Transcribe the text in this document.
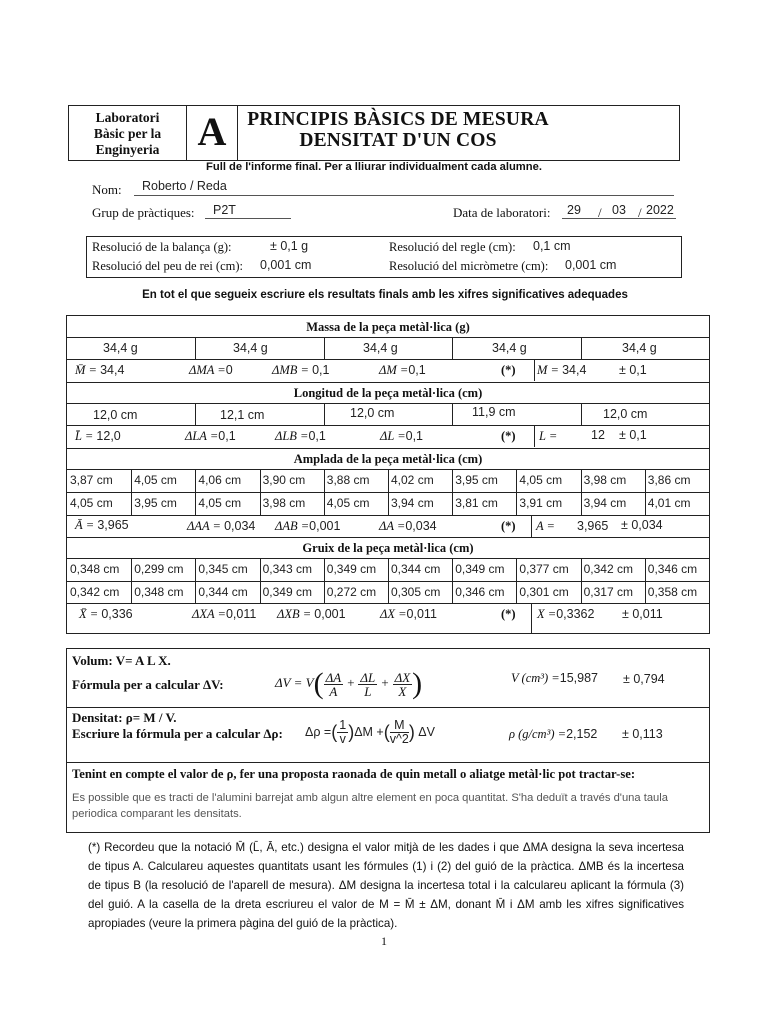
Laboratori
Bàsic per la
Enginyeria A	PRINCIPIS BÀSICS DE MESURA
DENSITAT D'UN COS
Full de l'informe final. Per a lliurar individualment cada alumne.
Nom: Roberto / Reda
Grup de pràctiques: P2T	Data de laboratori: 29 / 03 / 2022
Resolució de la balança (g):	± 0,1 g	Resolució del regle (cm): 0,1 cm
Resolució del peu de rei (cm): 0,001 cm	Resolució del micròmetre (cm): 0,001 cm
En tot el que segueix escriure els resultats finals amb les xifres significatives adequades
Massa de la peça metàl·lica (g)
34,4 g	34,4 g	34,4 g	34,4 g	34,4 g
M̄ = 34,4	ΔMA =0	ΔMB = 0,1	ΔM =0,1	(*) M = 34,4	± 0,1
Longitud de la peça metàl·lica (cm)
12,0 cm	12,1 cm	12,0 cm	11,9 cm	12,0 cm
L̄ = 12,0	ΔLA =0,1	ΔLB =0,1	ΔL =0,1	(*) L =	12 ± 0,1
Amplada de la peça metàl·lica (cm)
3,87 cm 4,05 cm 4,06 cm 3,90 cm 3,88 cm 4,02 cm 3,95 cm 4,05 cm 3,98 cm 3,86 cm
4,05 cm 3,95 cm 4,05 cm 3,98 cm 4,05 cm 3,94 cm 3,81 cm 3,91 cm 3,94 cm 4,01 cm
Ā = 3,965	ΔAA = 0,034 ΔAB =0,001	ΔA =0,034	(*) A = 3,965 ± 0,034
Gruix de la peça metàl·lica (cm)
0,348 cm 0,299 cm 0,345 cm 0,343 cm 0,349 cm 0,344 cm 0,349 cm 0,377 cm 0,342 cm 0,346 cm
0,342 cm 0,348 cm 0,344 cm 0,349 cm 0,272 cm 0,305 cm 0,346 cm 0,301 cm 0,317 cm 0,358 cm
X̄ = 0,336	ΔXA =0,011 ΔXB = 0,001	ΔX =0,011	(*) X =0,3362 ± 0,011
Volum: V= A L X.
Fórmula per a calcular ΔV:	$\Delta V = V( \frac{\Delta A}{A} + \frac{\Delta L}{L} + \frac{\Delta X}{X}$ )	V (cm³) =15,987 ± 0,794
Densitat: ρ= M / V.
Escriure la fórmula per a calcular Δρ: Δρ =( $\frac{1}{v} )\Delta M$ +( $\frac{M}{v\^{}2}$ ) ΔV	ρ (g/cm³) =2,152 ± 0,113
Tenint en compte el valor de ρ, fer una proposta raonada de quin metall o aliatge metàl·lic pot tractar-se:
Es possible que es tracti de l'alumini barrejat amb algun altre element en poca quantitat. S'ha deduït a través d'una taula
periodica comparant les densitats.
(*) Recordeu que la notació M̄ (L̄, Ā, etc.) designa el valor mitjà de les dades i que ΔMA designa la seva incertesa de tipus A. Calculareu aquestes quantitats usant les fórmules (1) i (2) del guió de la pràctica. ΔMB és la incertesa de tipus B (la resolució de l'aparell de mesura). ΔM designa la incertesa total i la calculareu aplicant la fórmula (3) del guió. A la casella de la dreta escriureu el valor de M = M̄ ± ΔM, donant M̄ i ΔM amb les xifres significatives apropiades (veure la primera pàgina del guió de la pràctica).
1
